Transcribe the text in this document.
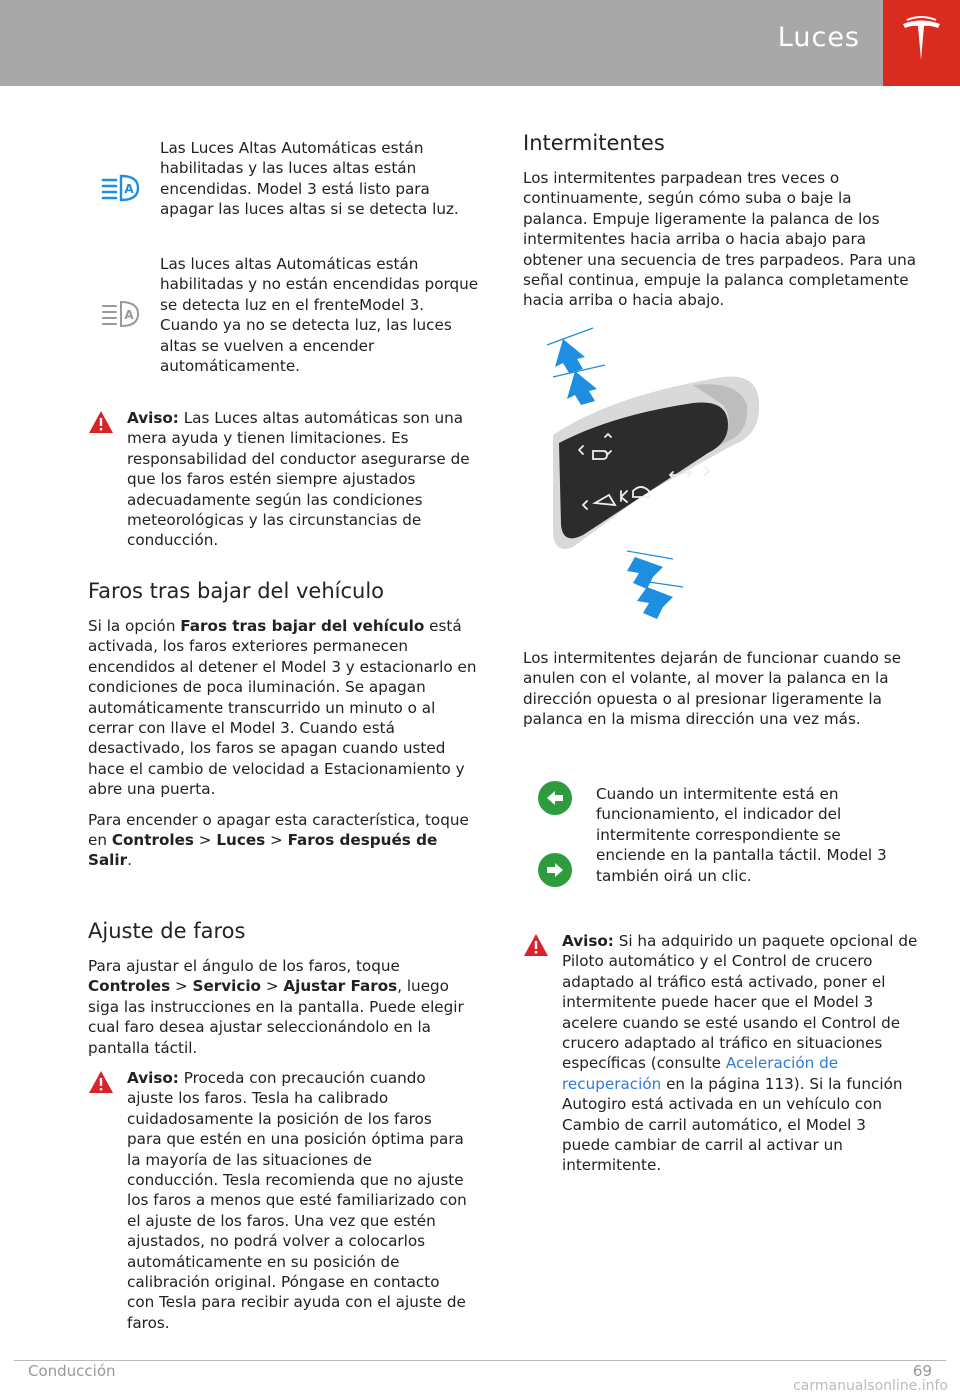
Luces
A
Las Luces Altas Automáticas están habilitadas y las luces altas están encendidas. Model 3 está listo para apagar las luces altas si se detecta luz.
A
Las luces altas Automáticas están habilitadas y no están encendidas porque se detecta luz en el frenteModel 3. Cuando ya no se detecta luz, las luces altas se vuelven a encender automáticamente.
Aviso: Las Luces altas automáticas son una mera ayuda y tienen limitaciones. Es responsabilidad del conductor asegurarse de que los faros estén siempre ajustados adecuadamente según las condiciones meteorológicas y las circunstancias de conducción.
Faros tras bajar del vehículo

Si la opción Faros tras bajar del vehículo está activada, los faros exteriores permanecen encendidos al detener el Model 3 y estacionarlo en condiciones de poca iluminación. Se apagan automáticamente transcurrido un minuto o al cerrar con llave el Model 3. Cuando está desactivado, los faros se apagan cuando usted hace el cambio de velocidad a Estacionamiento y abre una puerta.

Para encender o apagar esta característica, toque en Controles > Luces > Faros después de Salir.

Ajuste de faros

Para ajustar el ángulo de los faros, toque Controles > Servicio > Ajustar Faros, luego siga las instrucciones en la pantalla. Puede elegir cual faro desea ajustar seleccionándolo en la pantalla táctil.

Aviso: Proceda con precaución cuando ajuste los faros. Tesla ha calibrado cuidadosamente la posición de los faros para que estén en una posición óptima para la mayoría de las situaciones de conducción. Tesla recomienda que no ajuste los faros a menos que esté familiarizado con el ajuste de los faros. Una vez que estén ajustados, no podrá volver a colocarlos automáticamente en su posición de calibración original. Póngase en contacto con Tesla para recibir ayuda con el ajuste de faros.
Intermitentes

Los intermitentes parpadean tres veces o continuamente, según cómo suba o baje la palanca. Empuje ligeramente la palanca de los intermitentes hacia arriba o hacia abajo para obtener una secuencia de tres parpadeos. Para una señal continua, empuje la palanca completamente hacia arriba o hacia abajo.

Los intermitentes dejarán de funcionar cuando se anulen con el volante, al mover la palanca en la dirección opuesta o al presionar ligeramente la palanca en la misma dirección una vez más.
Cuando un intermitente está en funcionamiento, el indicador del intermitente correspondiente se enciende en la pantalla táctil. Model 3 también oirá un clic.
Aviso: Si ha adquirido un paquete opcional de Piloto automático y el Control de crucero adaptado al tráfico está activado, poner el intermitente puede hacer que el Model 3 acelere cuando se esté usando el Control de crucero adaptado al tráfico en situaciones específicas (consulte Aceleración de recuperación en la página 113). Si la función Autogiro está activada en un vehículo con Cambio de carril automático, el Model 3 puede cambiar de carril al activar un intermitente.
Conducción	69
carmanualsonline.info
